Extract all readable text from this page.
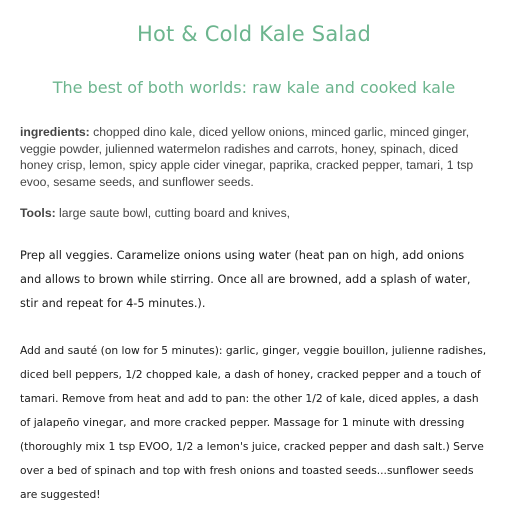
Hot & Cold Kale Salad
The best of both worlds: raw kale and cooked kale

ingredients: chopped dino kale, diced yellow onions, minced garlic, minced ginger, veggie powder, julienned watermelon radishes and carrots, honey, spinach, diced honey crisp, lemon, spicy apple cider vinegar, paprika, cracked pepper, tamari, 1 tsp evoo, sesame seeds, and sunflower seeds.

Tools: large saute bowl, cutting board and knives,

Prep all veggies. Caramelize onions using water (heat pan on high, add onions and allows to brown while stirring. Once all are browned, add a splash of water, stir and repeat for 4-5 minutes.).

Add and sauté (on low for 5 minutes): garlic, ginger, veggie bouillon, julienne radishes, diced bell peppers, 1/2 chopped kale, a dash of honey, cracked pepper and a touch of tamari. Remove from heat and add to pan: the other 1/2 of kale, diced apples, a dash of jalapeño vinegar, and more cracked pepper. Massage for 1 minute with dressing (thoroughly mix 1 tsp EVOO, 1/2 a lemon's juice, cracked pepper and dash salt.) Serve over a bed of spinach and top with fresh onions and toasted seeds...sunflower seeds are suggested!
